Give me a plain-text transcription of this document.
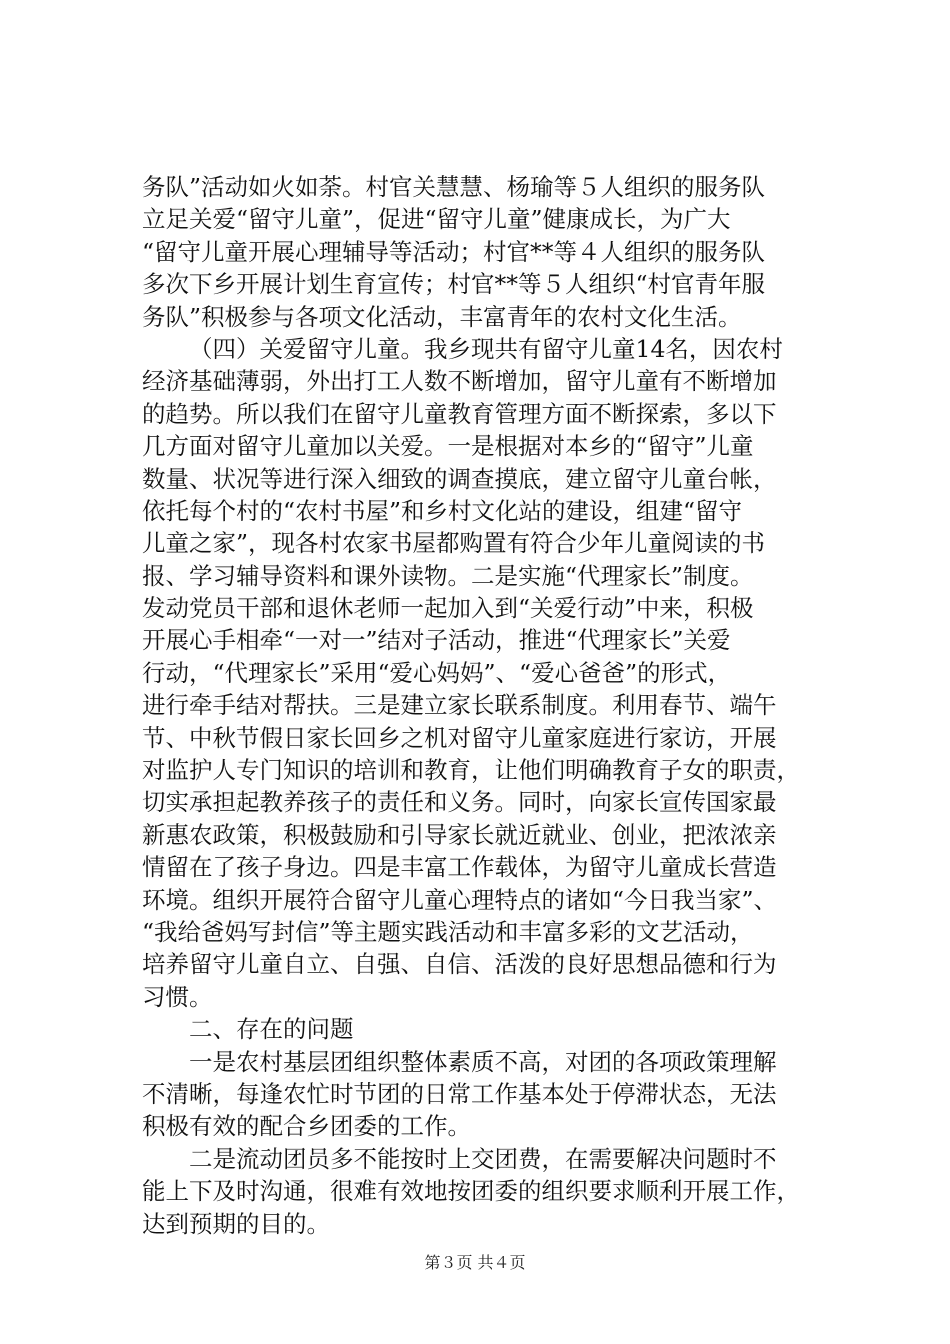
务队”活动如火如荼。村官关慧慧、杨瑜等５人组织的服务队
立足关爱“留守儿童”，促进“留守儿童”健康成长，为广大
“留守儿童开展心理辅导等活动；村官**等４人组织的服务队
多次下乡开展计划生育宣传；村官**等５人组织“村官青年服
务队”积极参与各项文化活动，丰富青年的农村文化生活。
（四）关爱留守儿童。我乡现共有留守儿童14名，因农村
经济基础薄弱，外出打工人数不断增加，留守儿童有不断增加
的趋势。所以我们在留守儿童教育管理方面不断探索，多以下
几方面对留守儿童加以关爱。一是根据对本乡的“留守”儿童
数量、状况等进行深入细致的调查摸底，建立留守儿童台帐，
依托每个村的“农村书屋”和乡村文化站的建设，组建“留守
儿童之家”，现各村农家书屋都购置有符合少年儿童阅读的书
报、学习辅导资料和课外读物。二是实施“代理家长”制度。
发动党员干部和退休老师一起加入到“关爱行动”中来，积极
开展心手相牵“一对一”结对子活动，推进“代理家长”关爱
行动，“代理家长”采用“爱心妈妈”、“爱心爸爸”的形式，
进行牵手结对帮扶。三是建立家长联系制度。利用春节、端午
节、中秋节假日家长回乡之机对留守儿童家庭进行家访，开展
对监护人专门知识的培训和教育，让他们明确教育子女的职责，
切实承担起教养孩子的责任和义务。同时，向家长宣传国家最
新惠农政策，积极鼓励和引导家长就近就业、创业，把浓浓亲
情留在了孩子身边。四是丰富工作载体，为留守儿童成长营造
环境。组织开展符合留守儿童心理特点的诸如“今日我当家”、
“我给爸妈写封信”等主题实践活动和丰富多彩的文艺活动，
培养留守儿童自立、自强、自信、活泼的良好思想品德和行为
习惯。
二、存在的问题
一是农村基层团组织整体素质不高，对团的各项政策理解
不清晰，每逢农忙时节团的日常工作基本处于停滞状态，无法
积极有效的配合乡团委的工作。
二是流动团员多不能按时上交团费，在需要解决问题时不
能上下及时沟通，很难有效地按团委的组织要求顺利开展工作，
达到预期的目的。
第３页 共４页
